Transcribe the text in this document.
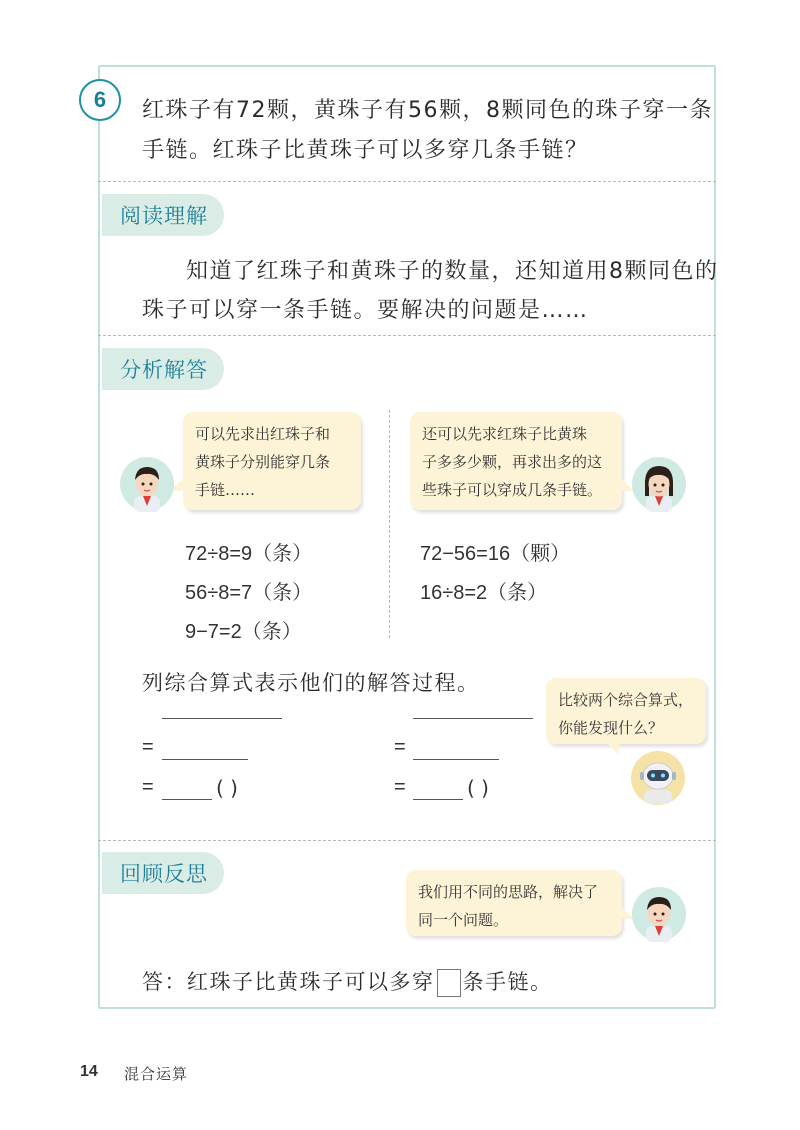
6 红珠子有72颗，黄珠子有56颗，8颗同色的珠子穿一条
手链。红珠子比黄珠子可以多穿几条手链？
阅读理解
知道了红珠子和黄珠子的数量，还知道用8颗同色的
珠子可以穿一条手链。要解决的问题是……
分析解答
可以先求出红珠子和
黄珠子分别能穿几条
手链……
还可以先求红珠子比黄珠
子多多少颗，再求出多的这
些珠子可以穿成几条手链。
72÷8=9（条）
56÷8=7（条）
9−7=2（条）
72−56=16（颗）
16÷8=2（条）
列综合算式表示他们的解答过程。
=
=	( )
=
=	( )
比较两个综合算式，
你能发现什么？
回顾反思
我们用不同的思路，解决了
同一个问题。
答：红珠子比黄珠子可以多穿 条手链。
14 混合运算
